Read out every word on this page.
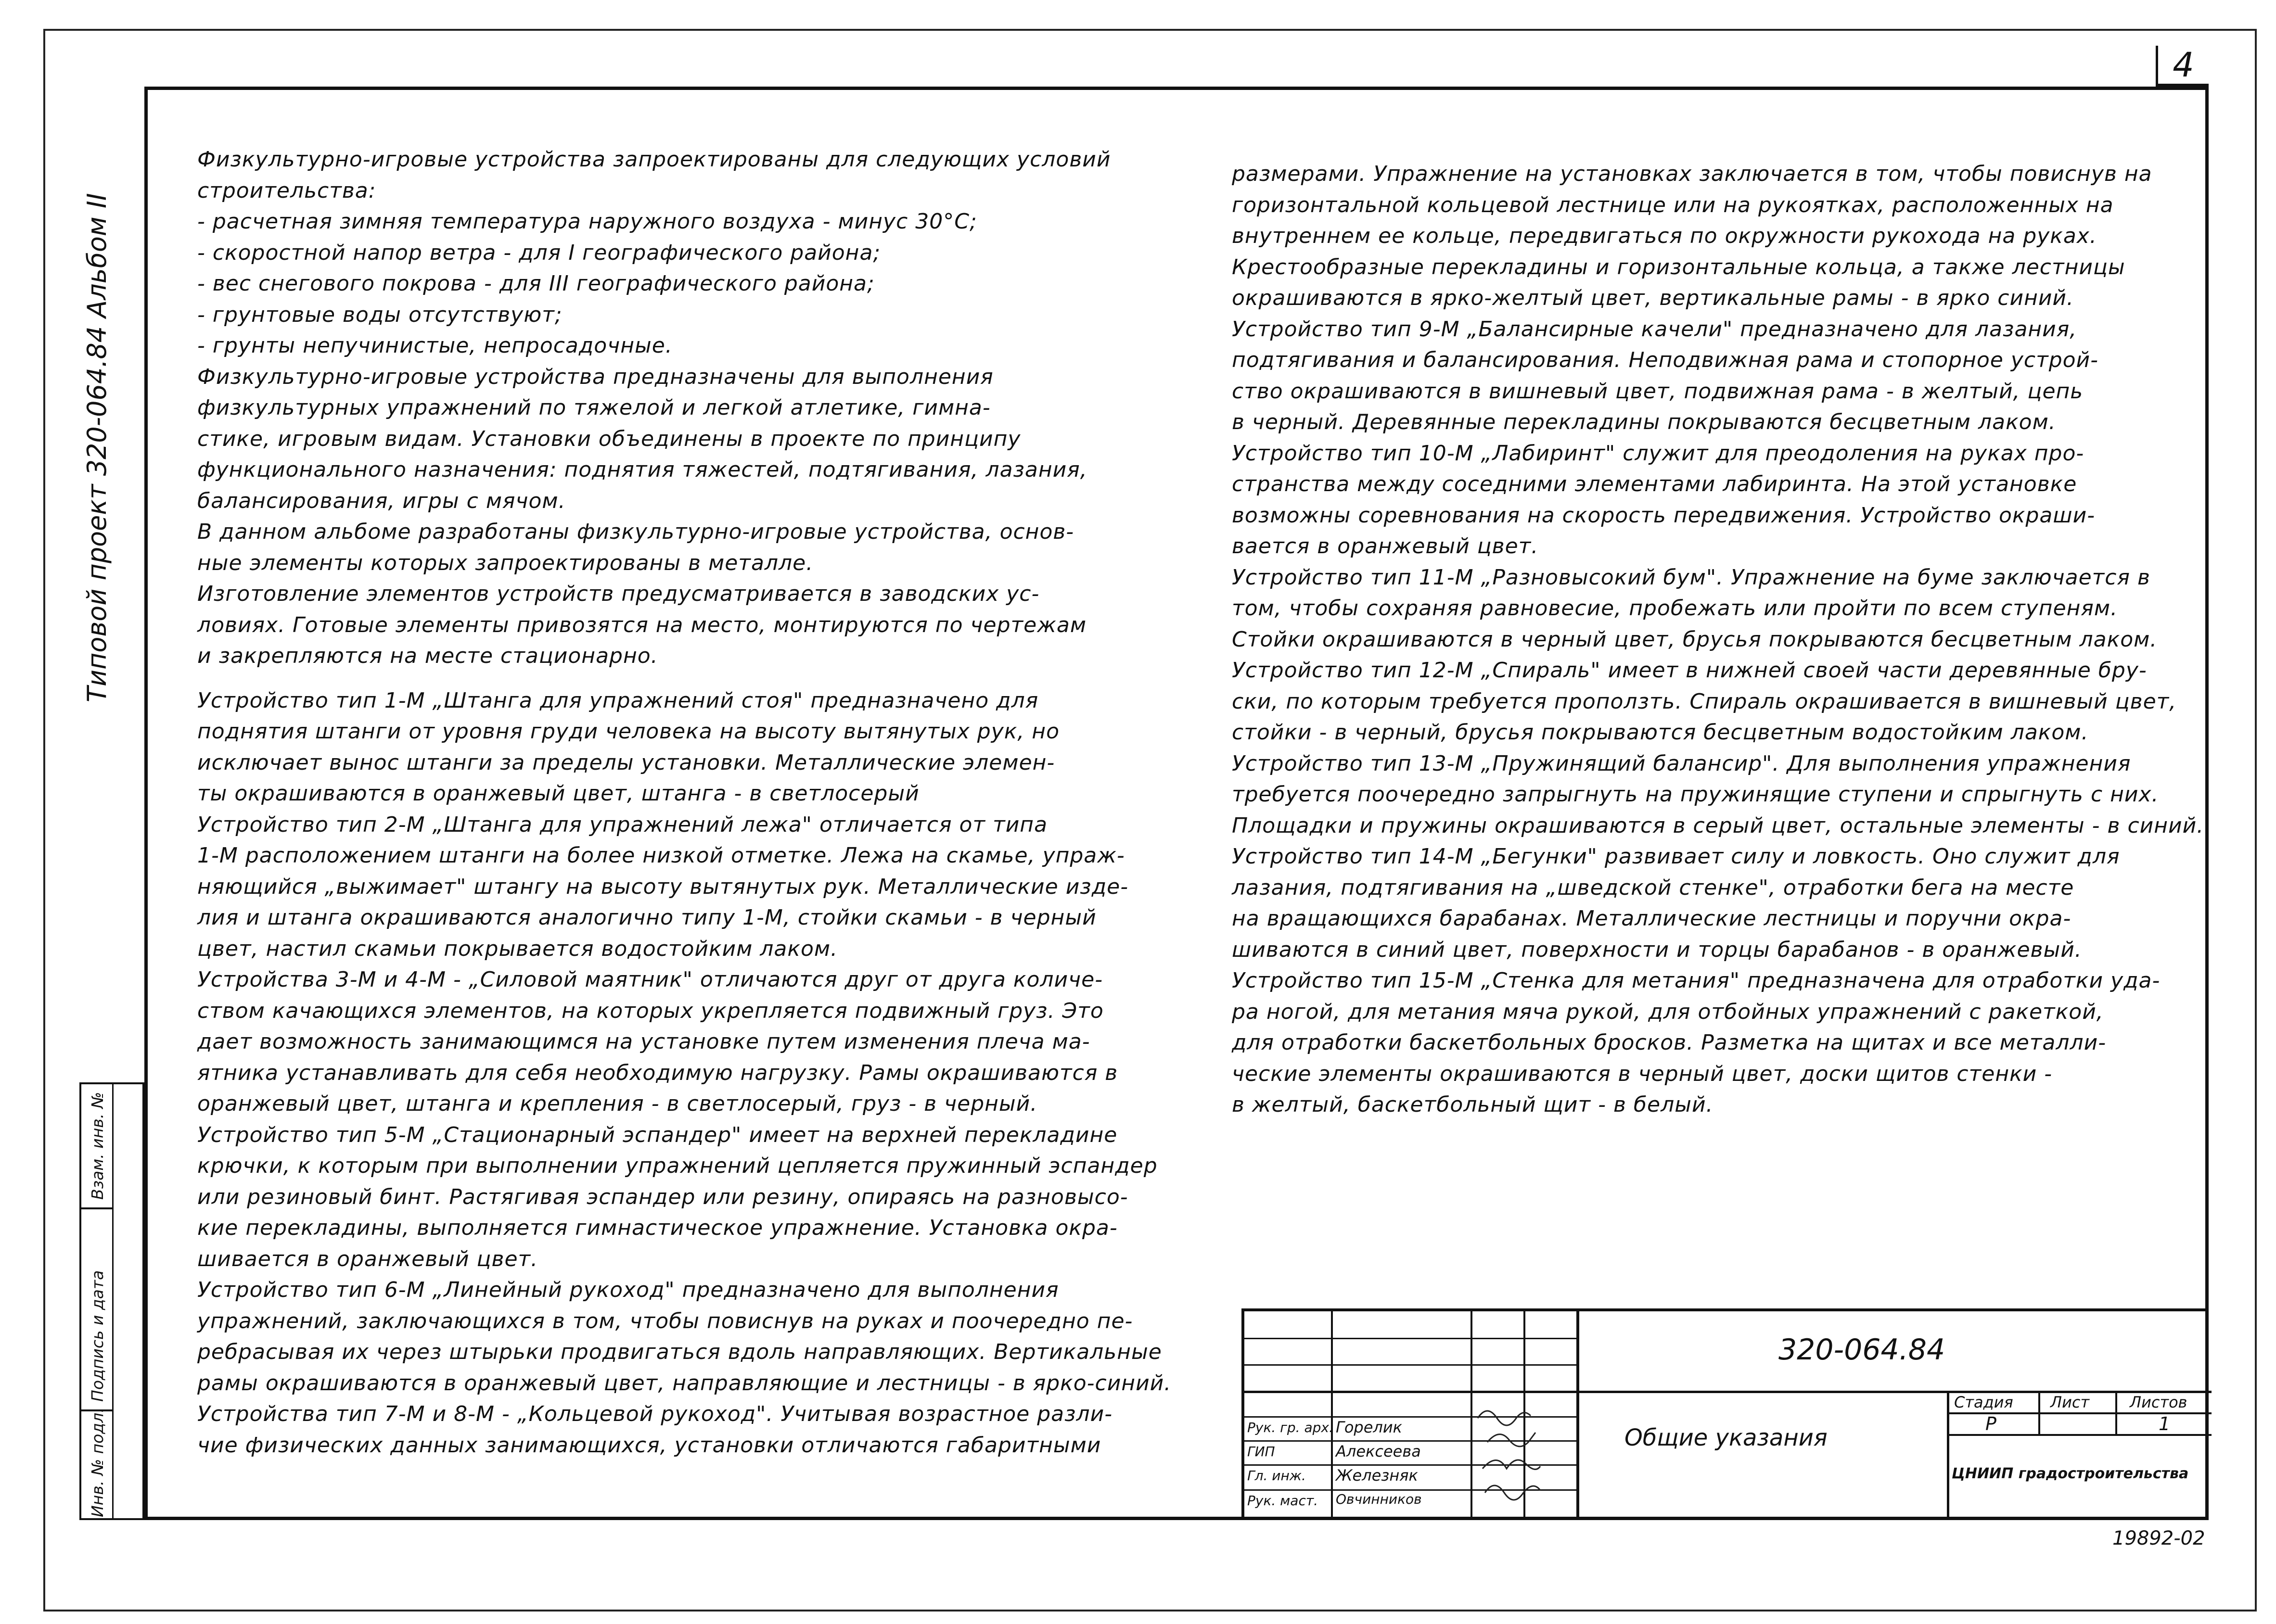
4
Типовой проект 320-064.84 Альбом II
Инв. № подл.
Подпись и дата
Взам. инв. №

Физкультурно-игровые устройства запроектированы для следующих условий

строительства:

- расчетная зимняя температура наружного воздуха - минус 30°С;

- скоростной напор ветра - для I географического района;

- вес снегового покрова - для III географического района;

- грунтовые воды отсутствуют;

- грунты непучинистые, непросадочные.

Физкультурно-игровые устройства предназначены для выполнения

физкультурных упражнений по тяжелой и легкой атлетике, гимна-

стике, игровым видам. Установки объединены в проекте по принципу

функционального назначения: поднятия тяжестей, подтягивания, лазания,

балансирования, игры с мячом.

В данном альбоме разработаны физкультурно-игровые устройства, основ-

ные элементы которых запроектированы в металле.

Изготовление элементов устройств предусматривается в заводских ус-

ловиях. Готовые элементы привозятся на место, монтируются по чертежам

и закрепляются на месте стационарно.

Устройство тип 1-М „Штанга для упражнений стоя" предназначено для

поднятия штанги от уровня груди человека на высоту вытянутых рук, но

исключает вынос штанги за пределы установки. Металлические элемен-

ты окрашиваются в оранжевый цвет, штанга - в светлосерый

Устройство тип 2-М „Штанга для упражнений лежа" отличается от типа

1-М расположением штанги на более низкой отметке. Лежа на скамье, упраж-

няющийся „выжимает" штангу на высоту вытянутых рук. Металлические изде-

лия и штанга окрашиваются аналогично типу 1-М, стойки скамьи - в черный

цвет, настил скамьи покрывается водостойким лаком.

Устройства 3-М и 4-М - „Силовой маятник" отличаются друг от друга количе-

ством качающихся элементов, на которых укрепляется подвижный груз. Это

дает возможность занимающимся на установке путем изменения плеча ма-

ятника устанавливать для себя необходимую нагрузку. Рамы окрашиваются в

оранжевый цвет, штанга и крепления - в светлосерый, груз - в черный.

Устройство тип 5-М „Стационарный эспандер" имеет на верхней перекладине

крючки, к которым при выполнении упражнений цепляется пружинный эспандер

или резиновый бинт. Растягивая эспандер или резину, опираясь на разновысо-

кие перекладины, выполняется гимнастическое упражнение. Установка окра-

шивается в оранжевый цвет.

Устройство тип 6-М „Линейный рукоход" предназначено для выполнения

упражнений, заключающихся в том, чтобы повиснув на руках и поочередно пе-

ребрасывая их через штырьки продвигаться вдоль направляющих. Вертикальные

рамы окрашиваются в оранжевый цвет, направляющие и лестницы - в ярко-синий.

Устройства тип 7-М и 8-М - „Кольцевой рукоход". Учитывая возрастное разли-

чие физических данных занимающихся, установки отличаются габаритными

размерами. Упражнение на установках заключается в том, чтобы повиснув на

горизонтальной кольцевой лестнице или на рукоятках, расположенных на

внутреннем ее кольце, передвигаться по окружности рукохода на руках.

Крестообразные перекладины и горизонтальные кольца, а также лестницы

окрашиваются в ярко-желтый цвет, вертикальные рамы - в ярко синий.

Устройство тип 9-М „Балансирные качели" предназначено для лазания,

подтягивания и балансирования. Неподвижная рама и стопорное устрой-

ство окрашиваются в вишневый цвет, подвижная рама - в желтый, цепь

в черный. Деревянные перекладины покрываются бесцветным лаком.

Устройство тип 10-М „Лабиринт" служит для преодоления на руках про-

странства между соседними элементами лабиринта. На этой установке

возможны соревнования на скорость передвижения. Устройство окраши-

вается в оранжевый цвет.

Устройство тип 11-М „Разновысокий бум". Упражнение на буме заключается в

том, чтобы сохраняя равновесие, пробежать или пройти по всем ступеням.

Стойки окрашиваются в черный цвет, брусья покрываются бесцветным лаком.

Устройство тип 12-М „Спираль" имеет в нижней своей части деревянные бру-

ски, по которым требуется проползть. Спираль окрашивается в вишневый цвет,

стойки - в черный, брусья покрываются бесцветным водостойким лаком.

Устройство тип 13-М „Пружинящий балансир". Для выполнения упражнения

требуется поочередно запрыгнуть на пружинящие ступени и спрыгнуть с них.

Площадки и пружины окрашиваются в серый цвет, остальные элементы - в синий.

Устройство тип 14-М „Бегунки" развивает силу и ловкость. Оно служит для

лазания, подтягивания на „шведской стенке", отработки бега на месте

на вращающихся барабанах. Металлические лестницы и поручни окра-

шиваются в синий цвет, поверхности и торцы барабанов - в оранжевый.

Устройство тип 15-М „Стенка для метания" предназначена для отработки уда-

ра ногой, для метания мяча рукой, для отбойных упражнений с ракеткой,

для отработки баскетбольных бросков. Разметка на щитах и все металли-

ческие элементы окрашиваются в черный цвет, доски щитов стенки -

в желтый, баскетбольный щит - в белый.

320-064.84
Общие указания
Стадия Лист	Листов
Р	1
ЦНИИП градостроительства
Рук. гр. арх.
ГИП
Гл. инж.
Рук. маст.
Горелик
Алексеева
Железняк
Овчинников
19892-02
